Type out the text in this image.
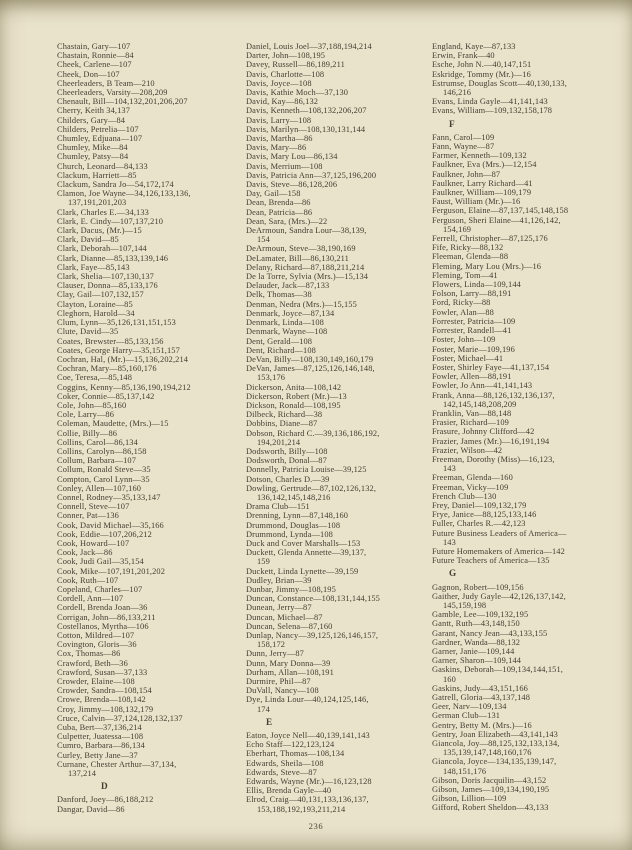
Chastain, Gary—107
Chastain, Ronnie—84
Cheek, Carlene—107
Cheek, Don—107
Cheerleaders, B Team—210
Cheerleaders, Varsity—208,209
Chenault, Bill—104,132,201,206,207
Cherry, Keith 34,137
Childers, Gary—84
Childers, Petrelia—107
Chumley, Edjuana—107
Chumley, Mike—84
Chumley, Patsy—84
Church, Leonard—84,133
Clackum, Harriett—85
Clackum, Sandra Jo—54,172,174
Clamon, Joe Wayne—34,126,133,136,
137,191,201,203
Clark, Charles E.—34,133
Clark, E. Cindy—107,137,210
Clark, Dacus, (Mr.)—15
Clark, David—85
Clark, Deborah—107,144
Clark, Dianne—85,133,139,146
Clark, Faye—85,143
Clark, Shelia—107,130,137
Clauser, Donna—85,133,176
Clay, Gail—107,132,157
Clayton, Loraine—85
Cleghorn, Harold—34
Clum, Lynn—35,126,131,151,153
Clute, David—35
Coates, Brewster—85,133,156
Coates, George Harry—35,151,157
Cochran, Hal, (Mr.)—15,136,202,214
Cochran, Mary—85,160,176
Coe, Teresa,—85,148
Coggins, Kenny—85,136,190,194,212
Coker, Connie—85,137,142
Cole, John—85,160
Cole, Larry—86
Coleman, Maudette, (Mrs.)—15
Collie, Billy—86
Collins, Carol—86,134
Collins, Carolyn—86,158
Collum, Barbara—107
Collum, Ronald Steve—35
Compton, Carol Lynn—35
Conley, Allen—107,160
Connel, Rodney—35,133,147
Connell, Steve—107
Conner, Pat—136
Cook, David Michael—35,166
Cook, Eddie—107,206,212
Cook, Howard—107
Cook, Jack—86
Cook, Judi Gail—35,154
Cook, Mike—107,191,201,202
Cook, Ruth—107
Copeland, Charles—107
Cordell, Ann—107
Cordell, Brenda Joan—36
Corrigan, John—86,133,211
Costellanos, Myrtha—106
Cotton, Mildred—107
Covington, Gloris—36
Cox, Thomas—86
Crawford, Beth—36
Crawford, Susan—37,133
Crowder, Elaine—108
Crowder, Sandra—108,154
Crowe, Brenda—108,142
Croy, Jimmy—108,132,179
Cruce, Calvin—37,124,128,132,137
Cuba, Bert—37,136,214
Culpetter, Juatessa—108
Cumro, Barbara—86,134
Curley, Betty Jane—37
Curnane, Chester Arthur—37,134,
137,214
D
Danford, Joey—86,188,212
Dangar, David—86
Daniel, Louis Joel—37,188,194,214
Darter, John—108,195
Davey, Russell—86,189,211
Davis, Charlotte—108
Davis, Joyce—108
Davis, Kathie Moch—37,130
David, Kay—86,132
Davis, Kenneth—108,132,206,207
Davis, Larry—108
Davis, Marilyn—108,130,131,144
Davis, Martha—86
Davis, Mary—86
Davis, Mary Lou—86,134
Davis, Merrium—108
Davis, Patricia Ann—37,125,196,200
Davis, Steve—86,128,206
Day, Gail—158
Dean, Brenda—86
Dean, Patricia—86
Dean, Sara, (Mrs.)—22
DeArmoun, Sandra Lour—38,139,
154
DeArmoun, Steve—38,190,169
DeLamater, Bill—86,130,211
Delany, Richard—87,188,211,214
De la Torre, Sylvia (Mrs.)—15,134
Delauder, Jack—87,133
Delk, Thomas—38
Denman, Nedra (Mrs.)—15,155
Denmark, Joyce—87,134
Denmark, Linda—108
Denmark, Wayne—108
Dent, Gerald—108
Dent, Richard—108
DeVan, Billy—108,130,149,160,179
DeVan, James—87,125,126,146,148,
153,176
Dickerson, Anita—108,142
Dickerson, Robert (Mr.)—13
Dickson, Ronald—108,195
Dilbeck, Richard—38
Dobbins, Diane—87
Dobson, Richard C.—39,136,186,192,
194,201,214
Dodsworth, Billy—108
Dodsworth, Donal—87
Donnelly, Patricia Louise—39,125
Dotson, Charles D.—39
Dowling, Gertrude—87,102,126,132,
136,142,145,148,216
Drama Club—151
Drenning, Lynn—87,148,160
Drummond, Douglas—108
Drummond, Lynda—108
Duck and Cover Marshalls—153
Duckett, Glenda Annette—39,137,
159
Duckett, Linda Lynette—39,159
Dudley, Brian—39
Dunbar, Jimmy—108,195
Duncan, Constance—108,131,144,155
Dunean, Jerry—87
Duncan, Michael—87
Duncan, Selena—87,160
Dunlap, Nancy—39,125,126,146,157,
158,172
Dunn, Jerry—87
Dunn, Mary Donna—39
Durham, Allan—108,191
Durmire, Phil—87
DuVall, Nancy—108
Dye, Linda Lour—40,124,125,146,
174
E
Eaton, Joyce Nell—40,139,141,143
Echo Staff—122,123,124
Eberhart, Thomas—108,134
Edwards, Sheila—108
Edwards, Steve—87
Edwards, Wayne (Mr.)—16,123,128
Ellis, Brenda Gayle—40
Elrod, Craig—40,131,133,136,137,
153,188,192,193,211,214
England, Kaye—87,133
Erwin, Frank—40
Esche, John N.—40,147,151
Eskridge, Tommy (Mr.)—16
Estrumse, Douglas Scott—40,130,133,
146,216
Evans, Linda Gayle—41,141,143
Evans, William—109,132,158,178
F
Fann, Carol—109
Fann, Wayne—87
Farmer, Kenneth—109,132
Faulkner, Eva (Mrs.)—12,154
Faulkner, John—87
Faulkner, Larry Richard—41
Faulkner, William—109,179
Faust, William (Mr.)—16
Ferguson, Elaine—87,137,145,148,158
Ferguson, Sheri Elaine—41,126,142,
154,169
Ferrell, Christopher—87,125,176
Fife, Ricky—88,132
Fleeman, Glenda—88
Fleming, Mary Lou (Mrs.)—16
Fleming, Tom—41
Flowers, Linda—109,144
Folson, Larry—88,191
Ford, Ricky—88
Fowler, Alan—88
Forrester, Patricia—109
Forrester, Randell—41
Foster, John—109
Foster, Marie—109,196
Foster, Michael—41
Foster, Shirley Faye—41,137,154
Fowler, Allen—88,191
Fowler, Jo Ann—41,141,143
Frank, Anna—88,126,132,136,137,
142,145,148,208,209
Franklin, Van—88,148
Frasier, Richard—109
Frasure, Johnny Clifford—42
Frazier, James (Mr.)—16,191,194
Frazier, Wilson—42
Freeman, Dorothy (Miss)—16,123,
143
Freeman, Glenda—160
Freeman, Vicky—109
French Club—130
Frey, Daniel—109,132,179
Frye, Janice—88,125,133,146
Fuller, Charles R.—42,123
Future Business Leaders of America—
143
Future Homemakers of America—142
Future Teachers of America—135
G
Gagnon, Robert—109,156
Gaither, Judy Gayle—42,126,137,142,
145,159,198
Gamble, Lee—109,132,195
Gantt, Ruth—43,148,150
Garant, Nancy Jean—43,133,155
Gardner, Wanda—88,132
Garner, Janie—109,144
Garner, Sharon—109,144
Gaskins, Deborah—109,134,144,151,
160
Gaskins, Judy—43,151,166
Gatrell, Gloria—43,137,148
Geer, Narv—109,134
German Club—131
Gentry, Betty M. (Mrs.)—16
Gentry, Joan Elizabeth—43,141,143
Giancola, Joy—88,125,132,133,134,
135,139,147,148,160,176
Giancola, Joyce—134,135,139,147,
148,151,176
Gibson, Doris Jacquilin—43,152
Gibson, James—109,134,190,195
Gibson, Lillion—109
Gifford, Robert Sheldon—43,133
236
